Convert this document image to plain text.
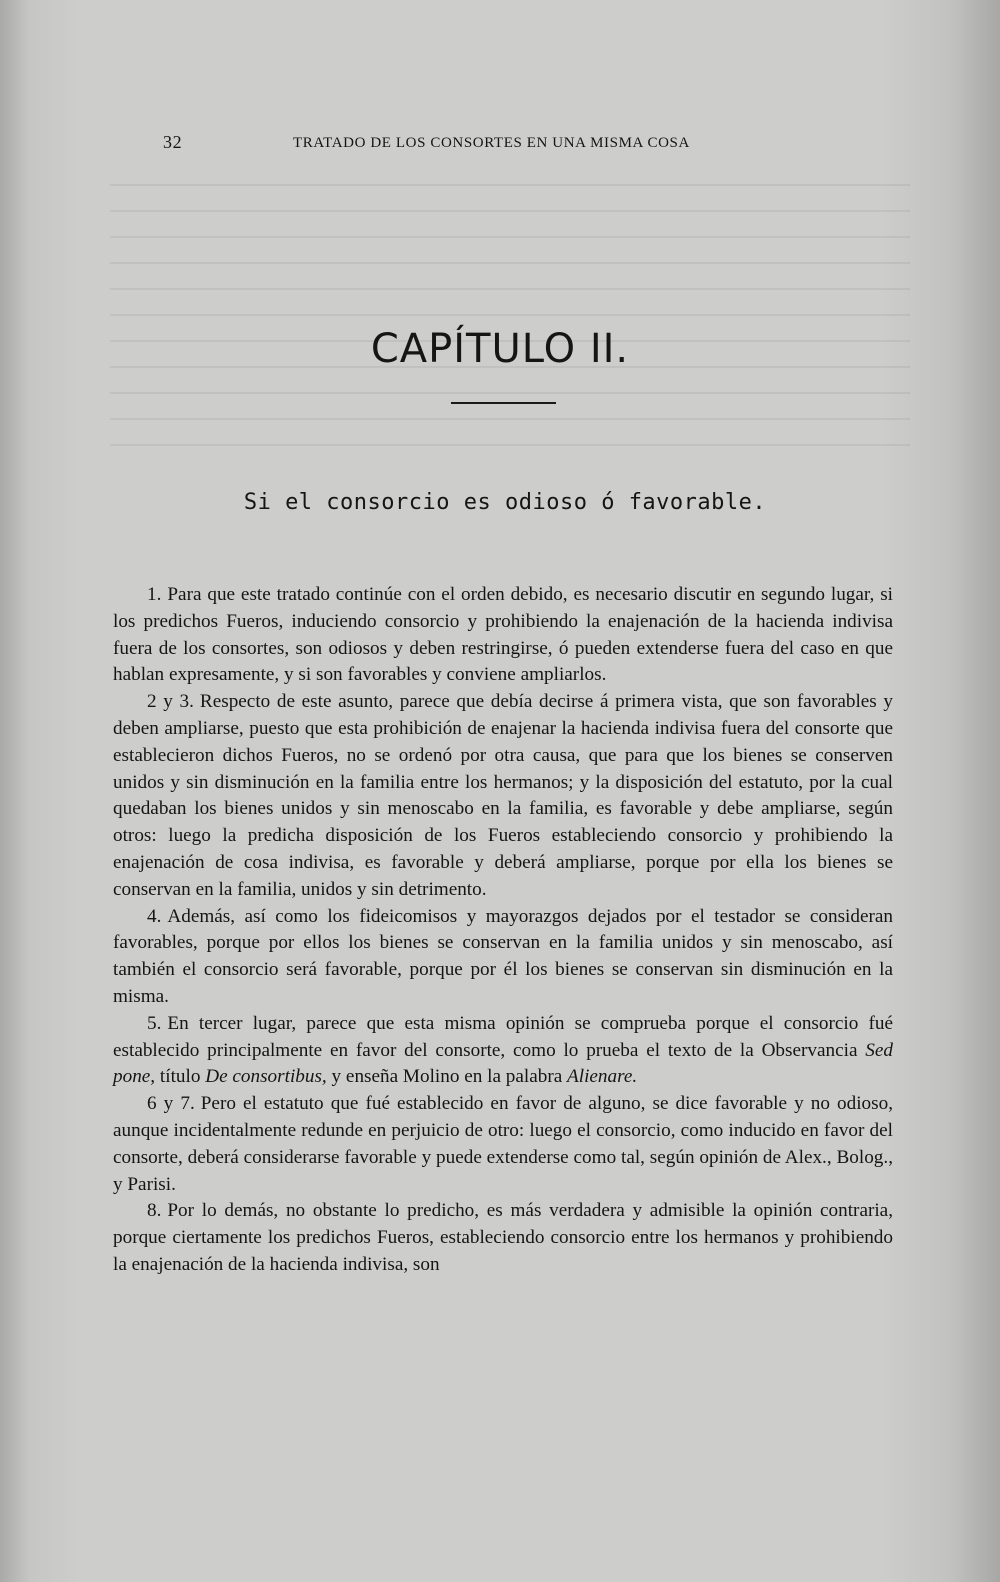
32	TRATADO DE LOS CONSORTES EN UNA MISMA COSA
CAPÍTULO II.
Si el consorcio es odioso ó favorable.

1. Para que este tratado continúe con el orden debido, es necesario discutir en segundo lugar, si los predichos Fueros, induciendo consorcio y prohibiendo la enajenación de la hacienda indivisa fuera de los consortes, son odiosos y deben restringirse, ó pueden extenderse fuera del caso en que hablan expresamente, y si son favorables y conviene ampliarlos.

2 y 3. Respecto de este asunto, parece que debía decirse á primera vista, que son favorables y deben ampliarse, puesto que esta prohibición de enajenar la hacienda indivisa fuera del consorte que establecieron dichos Fueros, no se ordenó por otra causa, que para que los bienes se conserven unidos y sin disminución en la familia entre los hermanos; y la disposición del estatuto, por la cual quedaban los bienes unidos y sin menoscabo en la familia, es favorable y debe ampliarse, según otros: luego la predicha disposición de los Fueros estableciendo consorcio y prohibiendo la enajenación de cosa indivisa, es favorable y deberá ampliarse, porque por ella los bienes se conservan en la familia, unidos y sin detrimento.

4. Además, así como los fideicomisos y mayorazgos dejados por el testador se consideran favorables, porque por ellos los bienes se conservan en la familia unidos y sin menoscabo, así también el consorcio será favorable, porque por él los bienes se conservan sin disminución en la misma.

5. En tercer lugar, parece que esta misma opinión se comprueba porque el consorcio fué establecido principalmente en favor del consorte, como lo prueba el texto de la Observancia Sed pone, título De consortibus, y enseña Molino en la palabra Alienare.

6 y 7. Pero el estatuto que fué establecido en favor de alguno, se dice favorable y no odioso, aunque incidentalmente redunde en perjuicio de otro: luego el consorcio, como inducido en favor del consorte, deberá considerarse favorable y puede extenderse como tal, según opinión de Alex., Bolog., y Parisi.

8. Por lo demás, no obstante lo predicho, es más verdadera y admisible la opinión contraria, porque ciertamente los predichos Fueros, estableciendo consorcio entre los hermanos y prohibiendo la enajenación de la hacienda indivisa, son
